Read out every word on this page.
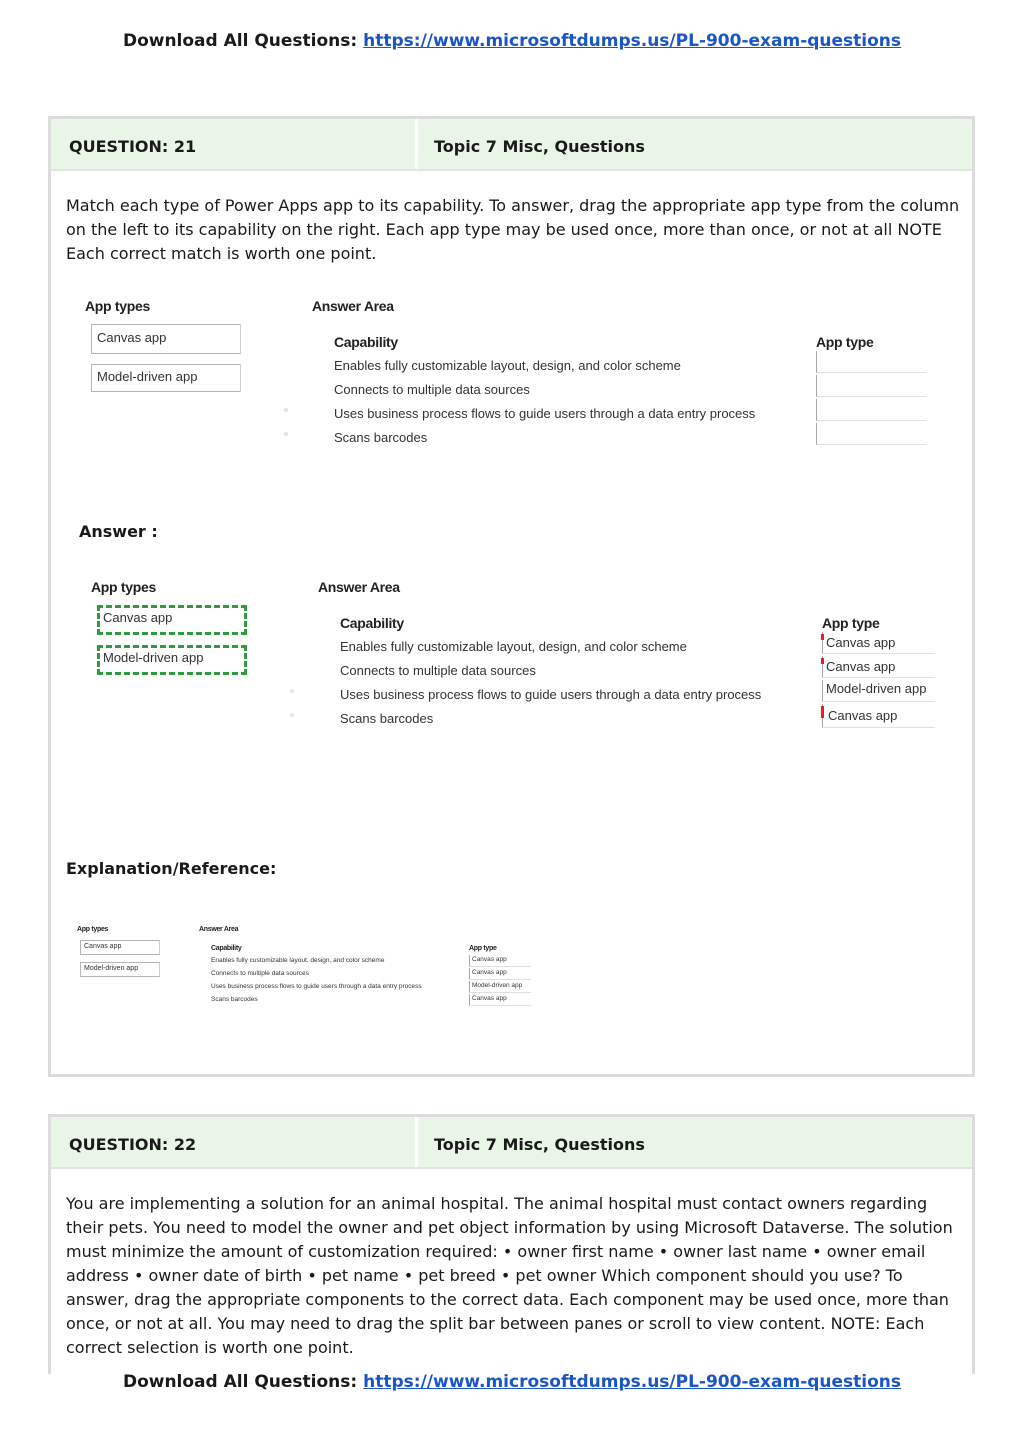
Download All Questions: https://www.microsoftdumps.us/PL-900-exam-questions
QUESTION: 21	Topic 7 Misc, Questions
Match each type of Power Apps app to its capability. To answer, drag the appropriate app type from the column on the left to its capability on the right. Each app type may be used once, more than once, or not at all NOTE Each correct match is worth one point.
App types
Canvas app
Model-driven app
Answer Area
Capability
Enables fully customizable layout, design, and color scheme
Connects to multiple data sources
Uses business process flows to guide users through a data entry process
Scans barcodes
App type
Answer :
App types
Canvas app
Model-driven app
Answer Area
Capability
Enables fully customizable layout, design, and color scheme
Connects to multiple data sources
Uses business process flows to guide users through a data entry process
Scans barcodes
App type
Canvas app
Canvas app
Model-driven app
Canvas app
Explanation/Reference:
App types
Canvas app
Model-driven app
Answer Area
Capability
Enables fully customizable layout, design, and color scheme
Connects to multiple data sources
Uses business process flows to guide users through a data entry process
Scans barcodes
App type
Canvas app
Canvas app
Model-driven app
Canvas app
QUESTION: 22	Topic 7 Misc, Questions
You are implementing a solution for an animal hospital. The animal hospital must contact owners regarding their pets. You need to model the owner and pet object information by using Microsoft Dataverse. The solution must minimize the amount of customization required: • owner first name • owner last name • owner email address • owner date of birth • pet name • pet breed • pet owner Which component should you use? To answer, drag the appropriate components to the correct data. Each component may be used once, more than once, or not at all. You may need to drag the split bar between panes or scroll to view content. NOTE: Each correct selection is worth one point.
Download All Questions: https://www.microsoftdumps.us/PL-900-exam-questions
